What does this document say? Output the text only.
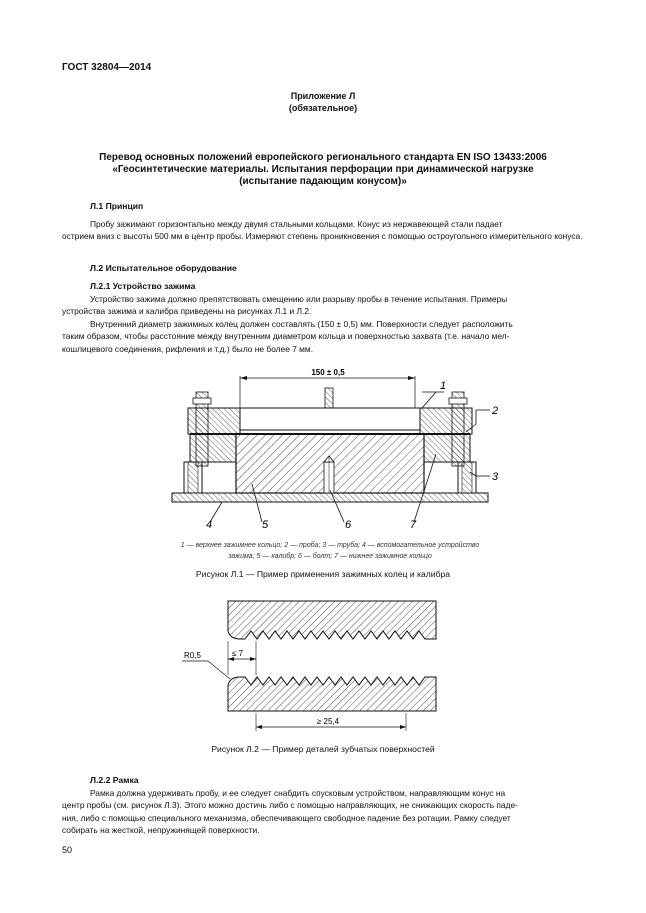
ГОСТ 32804—2014
Приложение Л
(обязательное)
Перевод основных положений европейского регионального стандарта EN ISO 13433:2006
«Геосинтетические материалы. Испытания перфорации при динамической нагрузке
(испытание падающим конусом)»
Л.1 Принцип
Пробу зажимают горизонтально между двумя стальными кольцами. Конус из нержавеющей стали падает
острием вниз с высоты 500 мм в центр пробы. Измеряют степень проникновения с помощью остроугольного измерительного конуса.
Л.2 Испытательное оборудование
Л.2.1 Устройство зажима
Устройство зажима должно препятствовать смещению или разрыву пробы в течение испытания. Примеры
устройства зажима и калибра приведены на рисунках Л.1 и Л.2.
Внутренний диаметр зажимных колец должен составлять (150 ± 0,5) мм. Поверхности следует расположить
таким образом, чтобы расстояние между внутренним диаметром кольца и поверхностью захвата (т.е. начало мел-
кошлицевого соединения, рифления и т.д.) было не более 7 мм.
150 ± 0,5
1
2
3
4	5	6	7
1 — верхнее зажимнее кольцо; 2 — проба; 3 — труба; 4 — вспомогательное устройство
зажима; 5 — калибр; 6 — болт; 7 — нижнее зажимное кольцо
Рисунок Л.1 — Пример применения зажимных колец и калибра
R0,5	≤ 7
≥ 25,4
Рисунок Л.2 — Пример деталей зубчатых поверхностей
Л.2.2 Рамка
Рамка должна удерживать пробу, и ее следует снабдить спусковым устройством, направляющим конус на
центр пробы (см. рисунок Л.3). Этого можно достичь либо с помощью направляющих, не снижающих скорость паде-
ния, либо с помощью специального механизма, обеспечивающего свободное падение без ротации. Рамку следует
собирать на жесткой, непружинящей поверхности.
50
